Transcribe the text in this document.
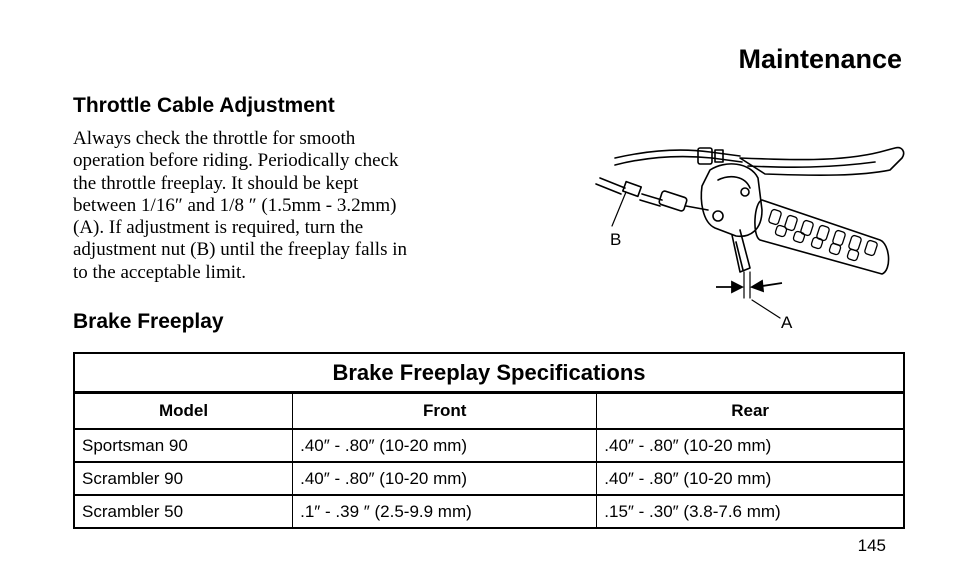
Maintenance
Throttle Cable Adjustment
Always check the throttle for smooth
operation before riding. Periodically check
the throttle freeplay. It should be kept
between 1/16″ and 1/8 ″ (1.5mm - 3.2mm)
(A). If adjustment is required, turn the
adjustment nut (B) until the freeplay falls in
to the acceptable limit.
B
A
Brake Freeplay
Brake Freeplay Specifications		
Model	Front	Rear
Sportsman 90	.40″ - .80″ (10-20 mm)	.40″ - .80″ (10-20 mm)
Scrambler 90	.40″ - .80″ (10-20 mm)	.40″ - .80″ (10-20 mm)
Scrambler 50	.1″ - .39 ″ (2.5-9.9 mm)	.15″ - .30″ (3.8-7.6 mm)
145
